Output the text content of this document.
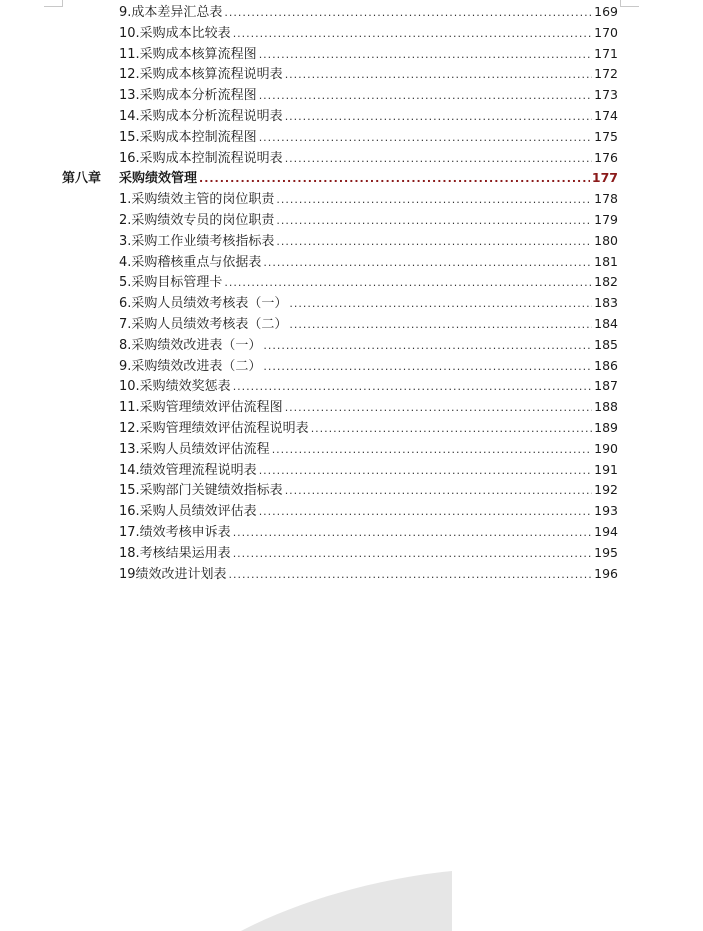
9.成本差异汇总表 .....	169
10.采购成本比较表 .....	170
11.采购成本核算流程图 .....	171
12.采购成本核算流程说明表 .....	172
13.采购成本分析流程图 .....	173
14.采购成本分析流程说明表 .....	174
15.采购成本控制流程图 .....	175
16.采购成本控制流程说明表 .....	176
第八章 采购绩效管理 .....	177
1.采购绩效主管的岗位职责 .....	178
2.采购绩效专员的岗位职责 .....	179
3.采购工作业绩考核指标表 .....	180
4.采购稽核重点与依据表 .....	181
5.采购目标管理卡 .....	182
6.采购人员绩效考核表（一） .....	183
7.采购人员绩效考核表（二） .....	184
8.采购绩效改进表（一） .....	185
9.采购绩效改进表（二） .....	186
10.采购绩效奖惩表 .....	187
11.采购管理绩效评估流程图 .....	188
12.采购管理绩效评估流程说明表 .....	189
13.采购人员绩效评估流程 .....	190
14.绩效管理流程说明表 .....	191
15.采购部门关键绩效指标表 .....	192
16.采购人员绩效评估表 .....	193
17.绩效考核申诉表 .....	194
18.考核结果运用表 .....	195
19绩效改进计划表 .....	196
